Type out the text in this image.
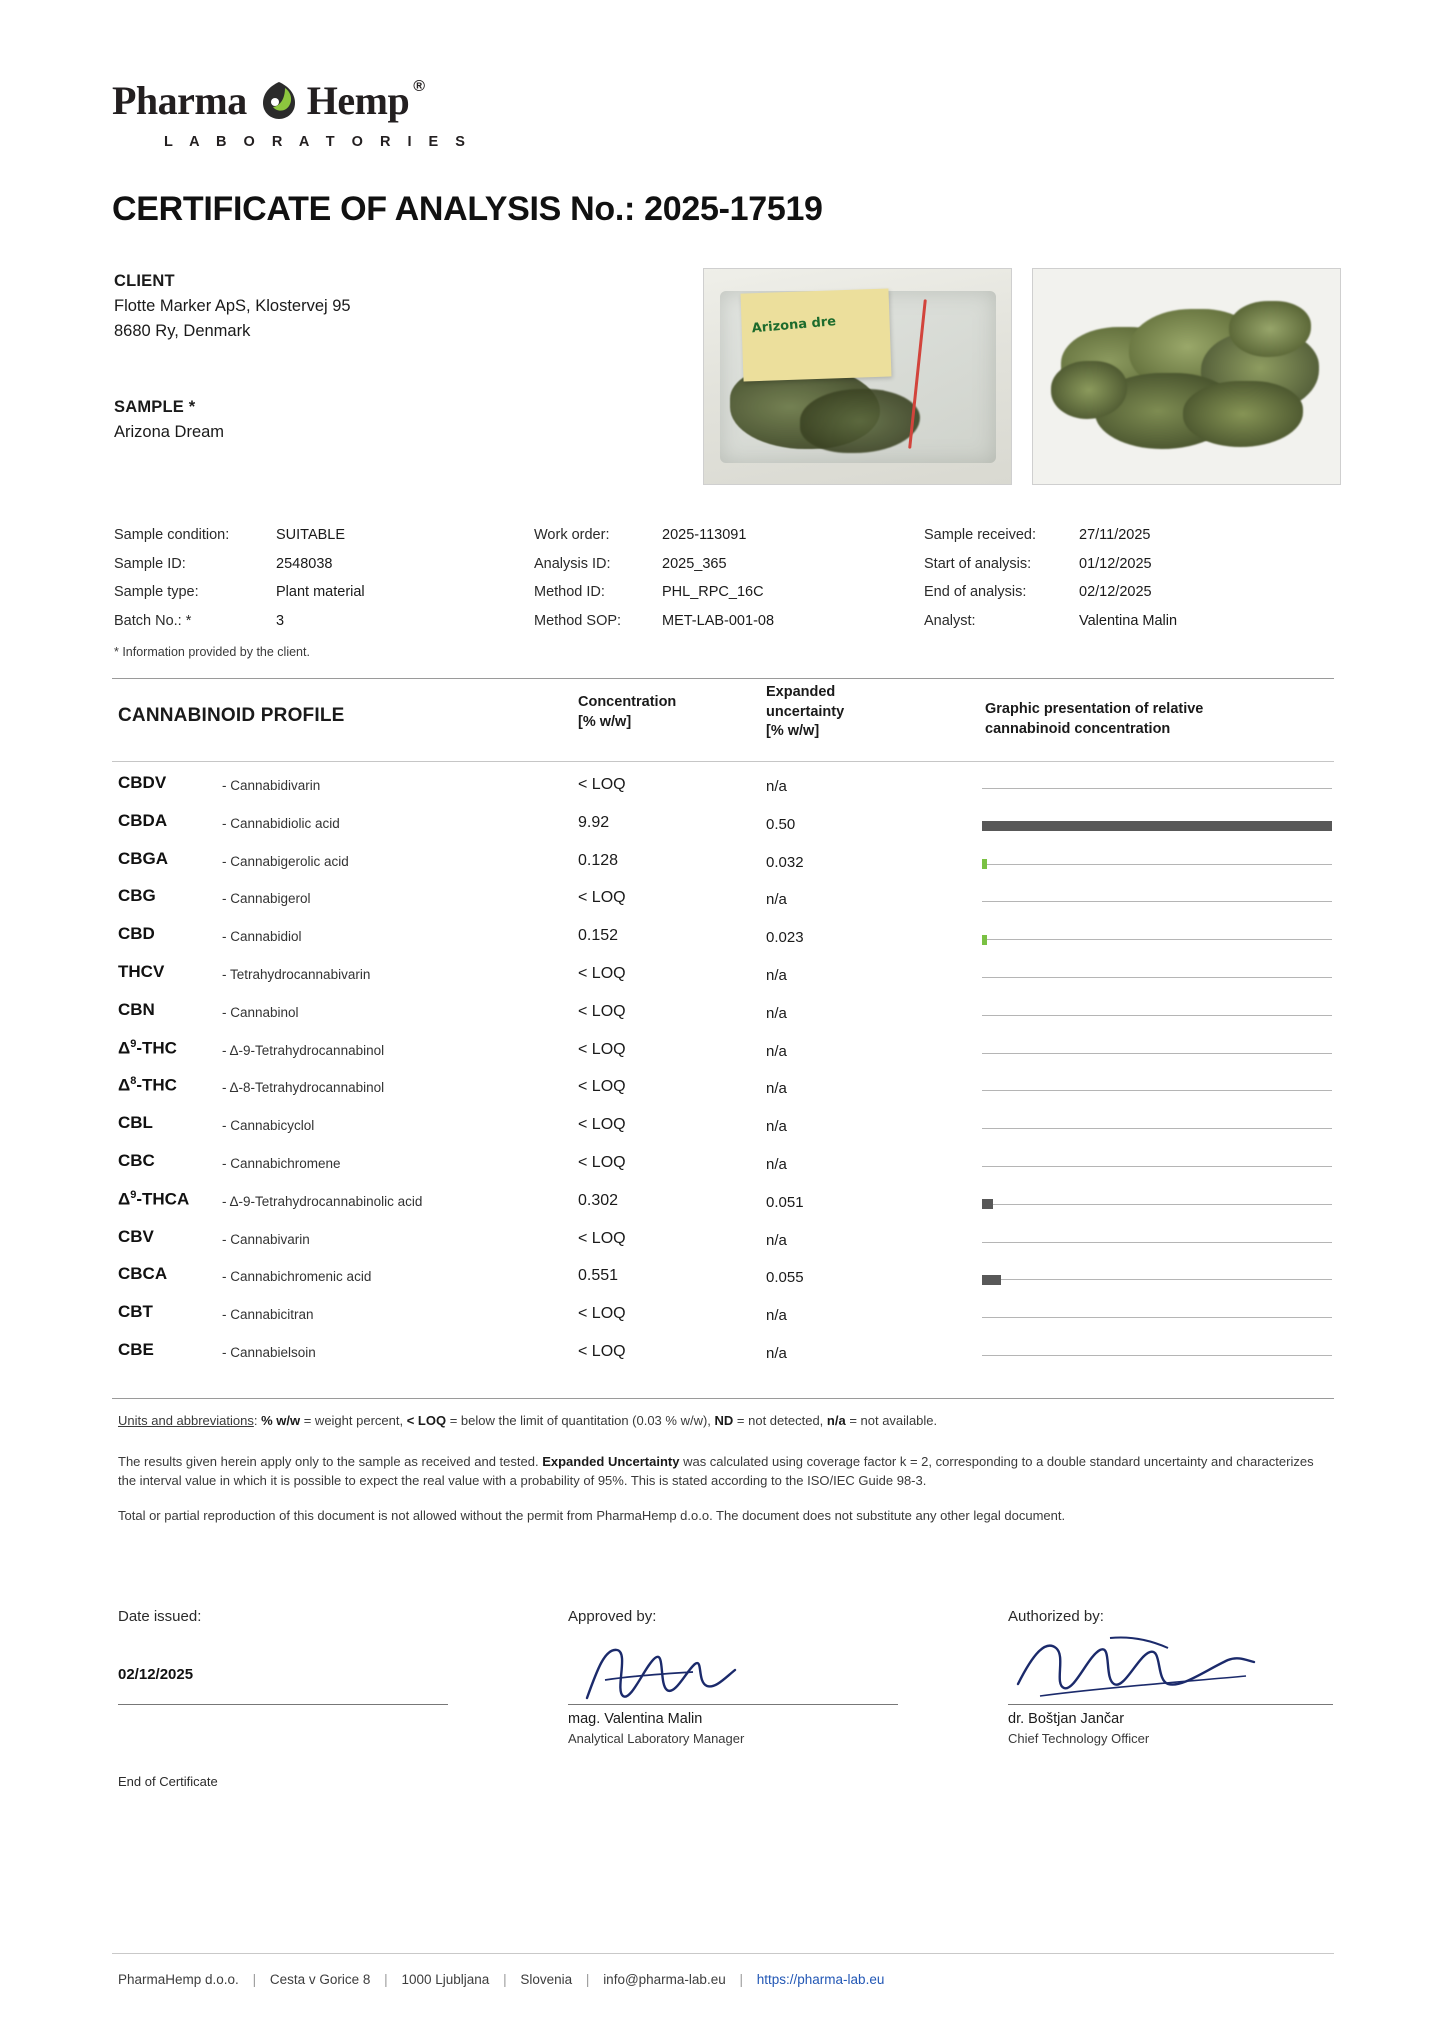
Pharma Hemp ®
L A B O R A T O R I E S
CERTIFICATE OF ANALYSIS No.: 2025-17519
CLIENT
Flotte Marker ApS, Klostervej 95
8680 Ry, Denmark
SAMPLE *
Arizona Dream
Arizona dre
Sample condition:	SUITABLE
Sample ID:	2548038
Sample type:	Plant material
Batch No.: *	3
Work order:	2025-113091
Analysis ID:	2025_365
Method ID:	PHL_RPC_16C
Method SOP:	MET-LAB-001-08
Sample received:	27/11/2025
Start of analysis:	01/12/2025
End of analysis:	02/12/2025
Analyst:	Valentina Malin
* Information provided by the client.
CANNABINOID PROFILE
Concentration
[% w/w]
Expanded
uncertainty
[% w/w]
Graphic presentation of relative
cannabinoid concentration
CBDV	- Cannabidivarin	< LOQ	n/a
CBDA	- Cannabidiolic acid	9.92	0.50
CBGA	- Cannabigerolic acid	0.128	0.032
CBG	- Cannabigerol	< LOQ	n/a
CBD	- Cannabidiol	0.152	0.023
THCV	- Tetrahydrocannabivarin	< LOQ	n/a
CBN	- Cannabinol	< LOQ	n/a
$\Delta^9$-THC	- Δ-9-Tetrahydrocannabinol	< LOQ	n/a
$\Delta^8$-THC	- Δ-8-Tetrahydrocannabinol	< LOQ	n/a
CBL	- Cannabicyclol	< LOQ	n/a
CBC	- Cannabichromene	< LOQ	n/a
$\Delta^9$-THCA - Δ-9-Tetrahydrocannabinolic acid	0.302	0.051
CBV	- Cannabivarin	< LOQ	n/a
CBCA	- Cannabichromenic acid	0.551	0.055
CBT	- Cannabicitran	< LOQ	n/a
CBE	- Cannabielsoin	< LOQ	n/a

Units and abbreviations: % w/w = weight percent, < LOQ = below the limit of quantitation (0.03 % w/w), ND = not detected, n/a = not available.

The results given herein apply only to the sample as received and tested. Expanded Uncertainty was calculated using coverage factor k = 2, corresponding to a double standard uncertainty and characterizes the interval value in which it is possible to expect the real value with a probability of 95%. This is stated according to the ISO/IEC Guide 98-3.

Total or partial reproduction of this document is not allowed without the permit from PharmaHemp d.o.o. The document does not substitute any other legal document.

Date issued:	Approved by:	Authorized by:
02/12/2025
mag. Valentina Malin
Analytical Laboratory Manager
dr. Boštjan Jančar
Chief Technology Officer
End of Certificate
PharmaHemp d.o.o. | Cesta v Gorice 8 | 1000 Ljubljana | Slovenia | info@pharma-lab.eu | https://pharma-lab.eu
